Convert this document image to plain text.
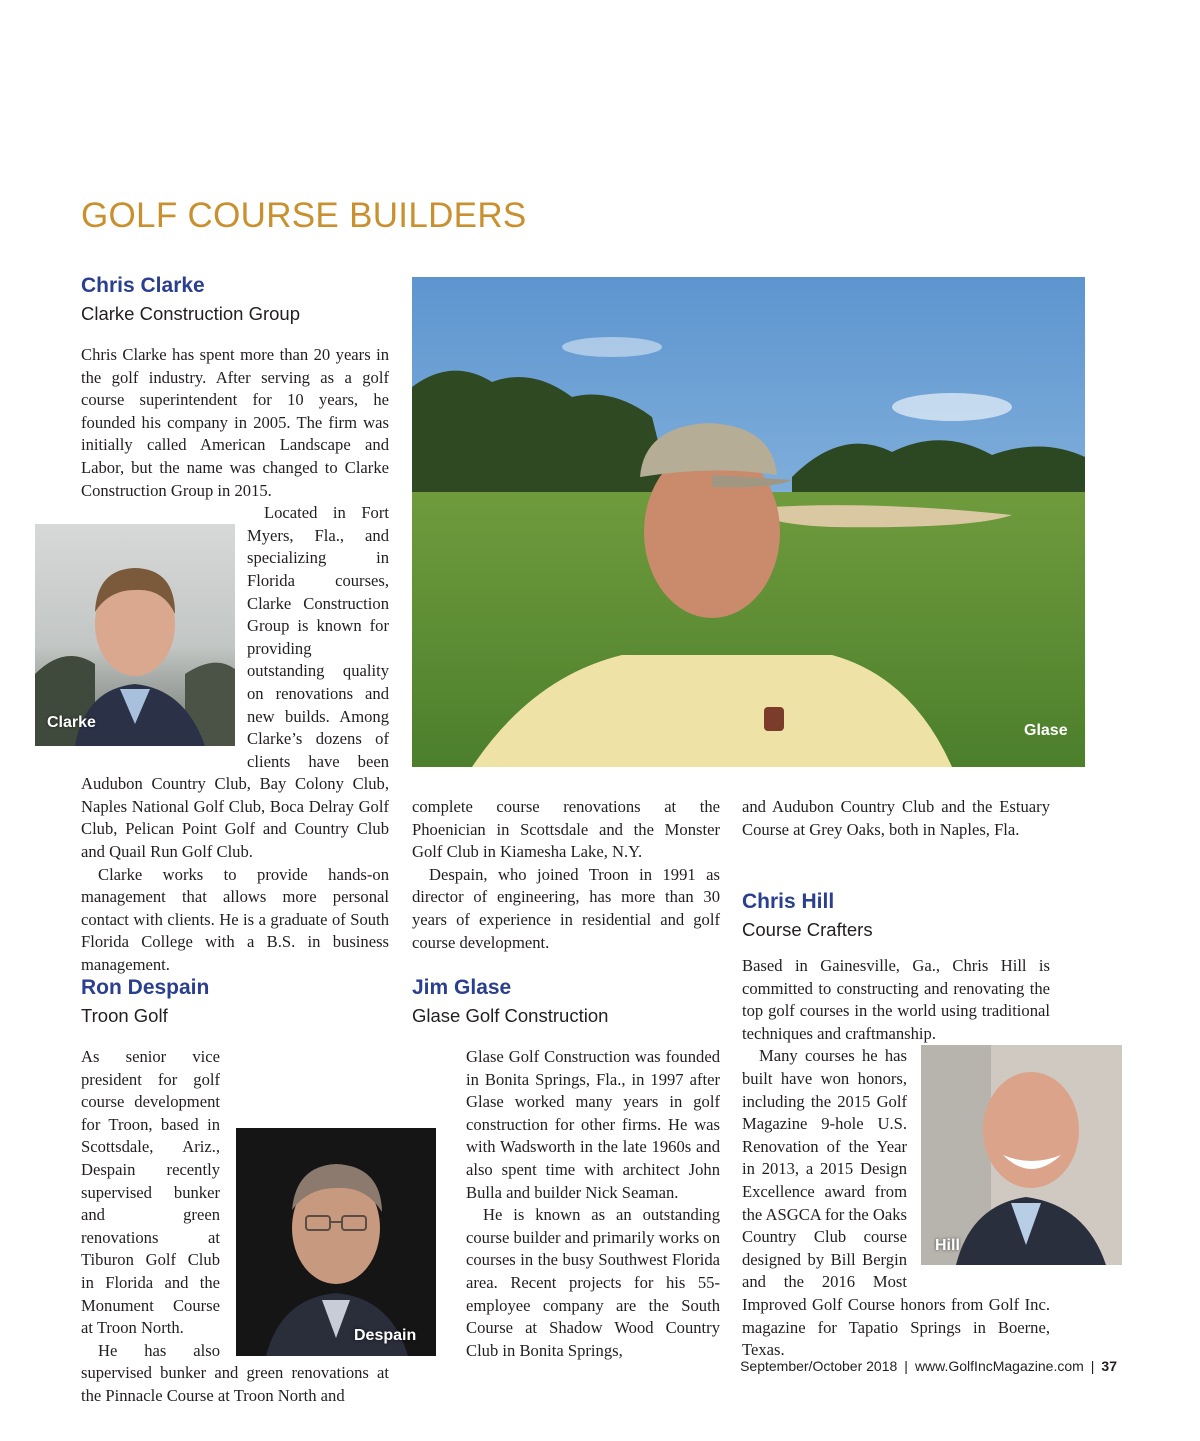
GOLF COURSE BUILDERS
Chris Clarke
Clarke Construction Group

Chris Clarke has spent more than 20 years in the golf industry. After serving as a golf course superintendent for 10 years, he founded his company in 2005. The firm was initially called American Landscape and Labor, but the name was changed to Clarke Construction Group in 2015.

Clarke

Located in Fort Myers, Fla., and specializing in Florida courses, Clarke Construction Group is known for providing outstanding quality on renovations and new builds. Among Clarke’s dozens of clients have been Audubon Country Club, Bay Colony Club, Naples National Golf Club, Boca Delray Golf Club, Pelican Point Golf and Country Club and Quail Run Golf Club.

Clarke works to provide hands-on management that allows more personal contact with clients. He is a graduate of South Florida College with a B.S. in business management.

Ron Despain
Troon Golf
Despain

As senior vice president for golf course development for Troon, based in Scottsdale, Ariz., Despain recently supervised bunker and green renovations at Tiburon Golf Club in Florida and the Monument Course at Troon North.

He has also supervised bunker and green renovations at the Pinnacle Course at Troon North and

Glase

complete course renovations at the Phoenician in Scottsdale and the Monster Golf Club in Kiamesha Lake, N.Y.

Despain, who joined Troon in 1991 as director of engineering, has more than 30 years of experience in residential and golf course development.

Jim Glase
Glase Golf Construction

Glase Golf Construction was founded in Bonita Springs, Fla., in 1997 after Glase worked many years in golf construction for other firms. He was with Wadsworth in the late 1960s and also spent time with architect John Bulla and builder Nick Seaman.

He is known as an outstanding course builder and primarily works on courses in the busy Southwest Florida area. Recent projects for his 55-employee company are the South Course at Shadow Wood Country Club in Bonita Springs,

and Audubon Country Club and the Estuary Course at Grey Oaks, both in Naples, Fla.

Chris Hill
Course Crafters

Based in Gainesville, Ga., Chris Hill is committed to constructing and renovating the top golf courses in the world using traditional techniques and craftmanship.

Hill

Many courses he has built have won honors, including the 2015 Golf Magazine 9-hole U.S. Renovation of the Year in 2013, a 2015 Design Excellence award from the ASGCA for the Oaks Country Club course designed by Bill Bergin and the 2016 Most Improved Golf Course honors from Golf Inc. magazine for Tapatio Springs in Boerne, Texas.

September/October 2018 | www.GolfIncMagazine.com | 37
